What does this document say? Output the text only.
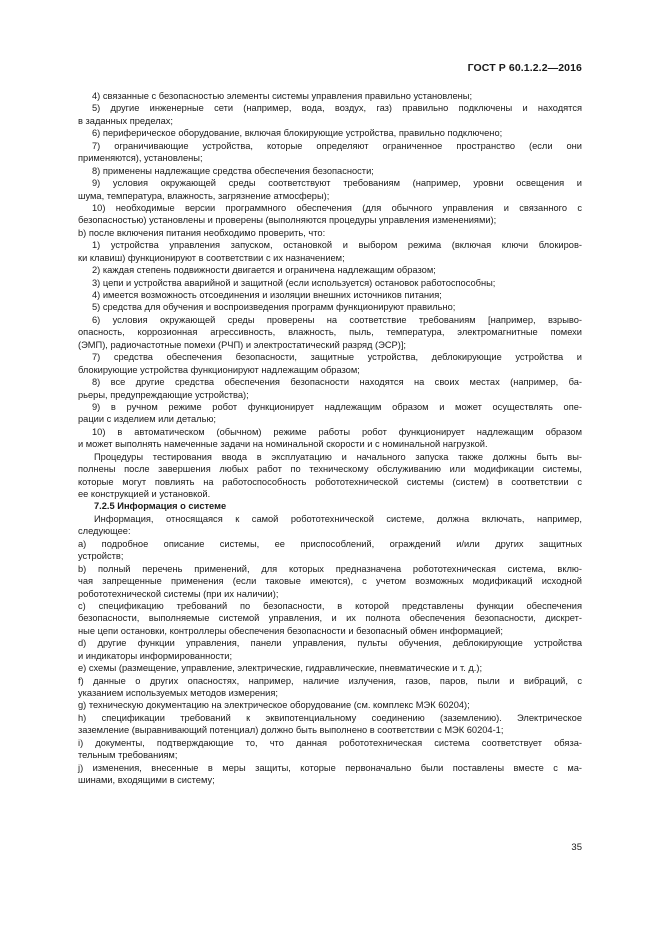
ГОСТ Р 60.1.2.2—2016
4) связанные с безопасностью элементы системы управления правильно установлены;
5) другие инженерные сети (например, вода, воздух, газ) правильно подключены и находятся
в заданных пределах;
6) периферическое оборудование, включая блокирующие устройства, правильно подключено;
7) ограничивающие устройства, которые определяют ограниченное пространство (если они
применяются), установлены;
8) применены надлежащие средства обеспечения безопасности;
9) условия окружающей среды соответствуют требованиям (например, уровни освещения и
шума, температура, влажность, загрязнение атмосферы);
10) необходимые версии программного обеспечения (для обычного управления и связанного с
безопасностью) установлены и проверены (выполняются процедуры управления изменениями);
b) после включения питания необходимо проверить, что:
1) устройства управления запуском, остановкой и выбором режима (включая ключи блокиров-
ки клавиш) функционируют в соответствии с их назначением;
2) каждая степень подвижности двигается и ограничена надлежащим образом;
3) цепи и устройства аварийной и защитной (если используется) остановок работоспособны;
4) имеется возможность отсоединения и изоляции внешних источников питания;
5) средства для обучения и воспроизведения программ функционируют правильно;
6) условия окружающей среды проверены на соответствие требованиям [например, взрыво-
опасность, коррозионная агрессивность, влажность, пыль, температура, электромагнитные помехи
(ЭМП), радиочастотные помехи (РЧП) и электростатический разряд (ЭСР)];
7) средства обеспечения безопасности, защитные устройства, деблокирующие устройства и
блокирующие устройства функционируют надлежащим образом;
8) все другие средства обеспечения безопасности находятся на своих местах (например, ба-
рьеры, предупреждающие устройства);
9) в ручном режиме робот функционирует надлежащим образом и может осуществлять опе-
рации с изделием или деталью;
10) в автоматическом (обычном) режиме работы робот функционирует надлежащим образом
и может выполнять намеченные задачи на номинальной скорости и с номинальной нагрузкой.
Процедуры тестирования ввода в эксплуатацию и начального запуска также должны быть вы-
полнены после завершения любых работ по техническому обслуживанию или модификации системы,
которые могут повлиять на работоспособность робототехнической системы (систем) в соответствии с
ее конструкцией и установкой.
7.2.5 Информация о системе
Информация, относящаяся к самой робототехнической системе, должна включать, например,
следующее:
a) подробное описание системы, ее приспособлений, ограждений и/или других защитных
устройств;
b) полный перечень применений, для которых предназначена робототехническая система, вклю-
чая запрещенные применения (если таковые имеются), с учетом возможных модификаций исходной
робототехнической системы (при их наличии);
c) спецификацию требований по безопасности, в которой представлены функции обеспечения
безопасности, выполняемые системой управления, и их полнота обеспечения безопасности, дискрет-
ные цепи остановки, контроллеры обеспечения безопасности и безопасный обмен информацией;
d) другие функции управления, панели управления, пульты обучения, деблокирующие устройства
и индикаторы информированности;
e) схемы (размещение, управление, электрические, гидравлические, пневматические и т. д.);
f) данные о других опасностях, например, наличие излучения, газов, паров, пыли и вибраций, с
указанием используемых методов измерения;
g) техническую документацию на электрическое оборудование (см. комплекс МЭК 60204);
h) спецификации требований к эквипотенциальному соединению (заземлению). Электрическое
заземление (выравнивающий потенциал) должно быть выполнено в соответствии с МЭК 60204-1;
i) документы, подтверждающие то, что данная робототехническая система соответствует обяза-
тельным требованиям;
j) изменения, внесенные в меры защиты, которые первоначально были поставлены вместе с ма-
шинами, входящими в систему;
35
